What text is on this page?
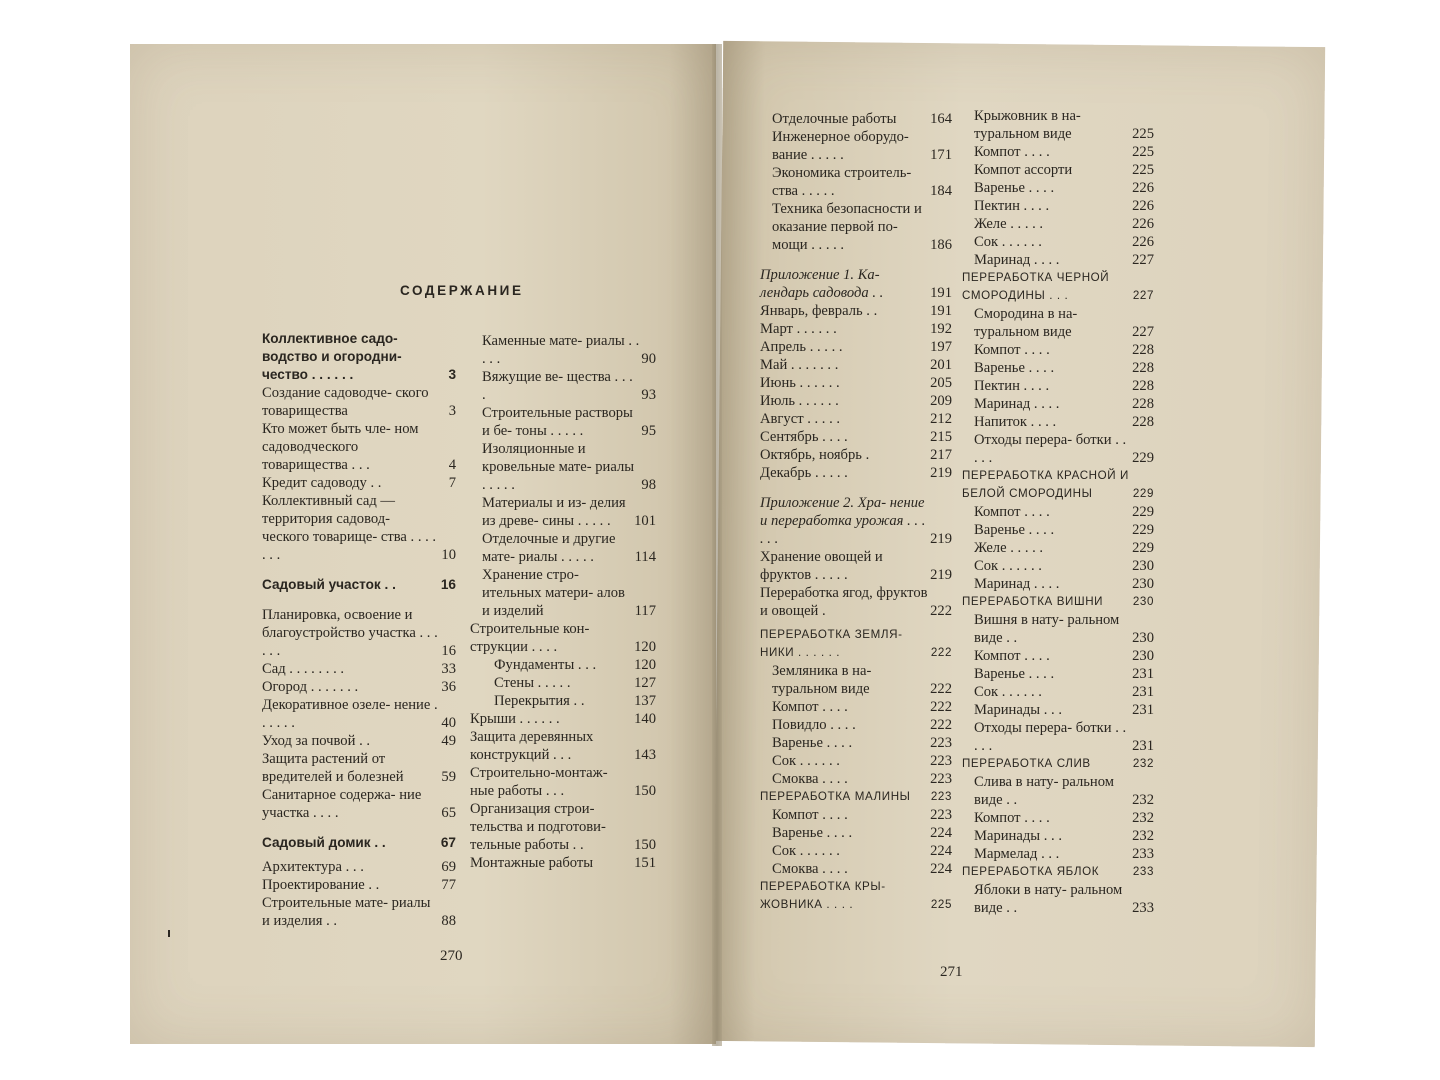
СОДЕРЖАНИЕ
Коллективное садо- водство и огородни- чество . . . . . .	3
Создание садоводче- ского товарищества	3
Кто может быть чле- ном садоводческого товарищества . . .	4
Кредит садоводу . .	7
Коллективный сад — территория садовод- ческого товарище- ства . . . . . . .	10
Садовый участок . .	16
Планировка, освоение и благоустройство участка . . . . . .	16
Сад . . . . . . . .	33
Огород . . . . . . .	36
Декоративное озеле- нение . . . . . .	40
Уход за почвой . .	49
Защита растений от вредителей и болезней	59
Санитарное содержа- ние участка . . . .	65
Садовый домик . .	67
Архитектура . . .	69
Проектирование . .	77
Строительные мате- риалы и изделия . .	88
Каменные мате- риалы . . . . .	90
Вяжущие ве- щества . . . .	93
Строительные растворы и бе- тоны . . . . .	95
Изоляционные и кровельные мате- риалы . . . . .	98
Материалы и из- делия из древе- сины . . . . .	101
Отделочные и другие мате- риалы . . . . .	114
Хранение стро- ительных матери- алов и изделий	117
Строительные кон- струкции . . . .	120
Фундаменты . . .	120
Стены . . . . .	127
Перекрытия . .	137
Крыши . . . . . .	140
Защита деревянных конструкций . . .	143
Строительно-монтаж- ные работы . . .	150
Организация строи- тельства и подготови- тельные работы . .	150
Монтажные работы	151
Отделочные работы	164
Инженерное оборудо- вание . . . . .	171
Экономика строитель- ства . . . . .	184
Техника безопасности и оказание первой по- мощи . . . . .	186
Приложение 1. Ка- лендарь садовода . .	191
Январь, февраль . .	191
Март . . . . . .	192
Апрель . . . . .	197
Май . . . . . . .	201
Июнь . . . . . .	205
Июль . . . . . .	209
Август . . . . .	212
Сентябрь . . . .	215
Октябрь, ноябрь .	217
Декабрь . . . . .	219
Приложение 2. Хра- нение и переработка урожая . . . . . .	219
Хранение овощей и фруктов . . . . .	219
Переработка ягод, фруктов и овощей .	222
ПЕРЕРАБОТКА ЗЕМЛЯ- НИКИ . . . . . .	222
Земляника в на- туральном виде	222
Компот . . . .	222
Повидло . . . .	222
Варенье . . . .	223
Сок . . . . . .	223
Смоква . . . .	223
ПЕРЕРАБОТКА МАЛИНЫ	223
Компот . . . .	223
Варенье . . . .	224
Сок . . . . . .	224
Смоква . . . .	224
ПЕРЕРАБОТКА КРЫ- ЖОВНИКА . . . .	225
Крыжовник в на- туральном виде	225
Компот . . . .	225
Компот ассорти	225
Варенье . . . .	226
Пектин . . . .	226
Желе . . . . .	226
Сок . . . . . .	226
Маринад . . . .	227
ПЕРЕРАБОТКА ЧЕРНОЙ СМОРОДИНЫ . . .	227
Смородина в на- туральном виде	227
Компот . . . .	228
Варенье . . . .	228
Пектин . . . .	228
Маринад . . . .	228
Напиток . . . .	228
Отходы перера- ботки . . . . .	229
ПЕРЕРАБОТКА КРАСНОЙ И БЕЛОЙ СМОРОДИНЫ	229
Компот . . . .	229
Варенье . . . .	229
Желе . . . . .	229
Сок . . . . . .	230
Маринад . . . .	230
ПЕРЕРАБОТКА ВИШНИ	230
Вишня в нату- ральном виде . .	230
Компот . . . .	230
Варенье . . . .	231
Сок . . . . . .	231
Маринады . . .	231
Отходы перера- ботки . . . . .	231
ПЕРЕРАБОТКА СЛИВ	232
Слива в нату- ральном виде . .	232
Компот . . . .	232
Маринады . . .	232
Мармелад . . .	233
ПЕРЕРАБОТКА ЯБЛОК	233
Яблоки в нату- ральном виде . .	233
270
271
